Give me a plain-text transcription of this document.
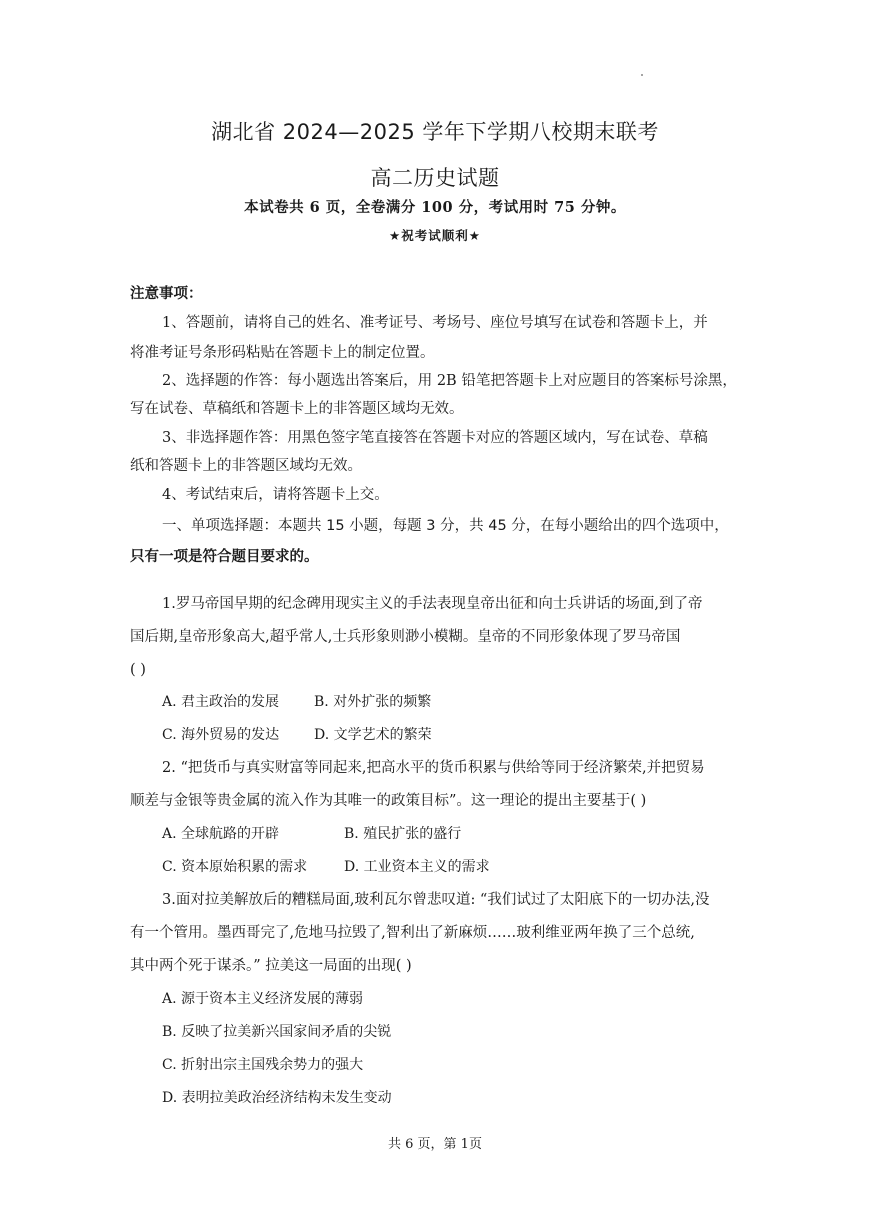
湖北省 2024—2025 学年下学期八校期末联考
高二历史试题
本试卷共 6 页，全卷满分 100 分，考试用时 75 分钟。
★祝考试顺利★
注意事项：
1、答题前，请将自己的姓名、准考证号、考场号、座位号填写在试卷和答题卡上，并
将准考证号条形码粘贴在答题卡上的制定位置。
2、选择题的作答：每小题选出答案后，用 2B 铅笔把答题卡上对应题目的答案标号涂黑，
写在试卷、草稿纸和答题卡上的非答题区域均无效。
3、非选择题作答：用黑色签字笔直接答在答题卡对应的答题区域内，写在试卷、草稿
纸和答题卡上的非答题区域均无效。
4、考试结束后，请将答题卡上交。
一、单项选择题：本题共 15 小题，每题 3 分，共 45 分，在每小题给出的四个选项中，
只有一项是符合题目要求的。
1.罗马帝国早期的纪念碑用现实主义的手法表现皇帝出征和向士兵讲话的场面,到了帝
国后期,皇帝形象高大,超乎常人,士兵形象则渺小模糊。皇帝的不同形象体现了罗马帝国
( )
A. 君主政治的发展 B. 对外扩张的频繁
C. 海外贸易的发达 D. 文学艺术的繁荣
2. “把货币与真实财富等同起来,把高水平的货币积累与供给等同于经济繁荣,并把贸易
顺差与金银等贵金属的流入作为其唯一的政策目标”。这一理论的提出主要基于( )
A. 全球航路的开辟	B. 殖民扩张的盛行
C. 资本原始积累的需求	D. 工业资本主义的需求
3.面对拉美解放后的糟糕局面,玻利瓦尔曾悲叹道: “我们试过了太阳底下的一切办法,没
有一个管用。墨西哥完了,危地马拉毁了,智利出了新麻烦……玻利维亚两年换了三个总统,
其中两个死于谋杀。” 拉美这一局面的出现( )
A. 源于资本主义经济发展的薄弱
B. 反映了拉美新兴国家间矛盾的尖锐
C. 折射出宗主国残余势力的强大
D. 表明拉美政治经济结构未发生变动
共 6 页，第 1页
